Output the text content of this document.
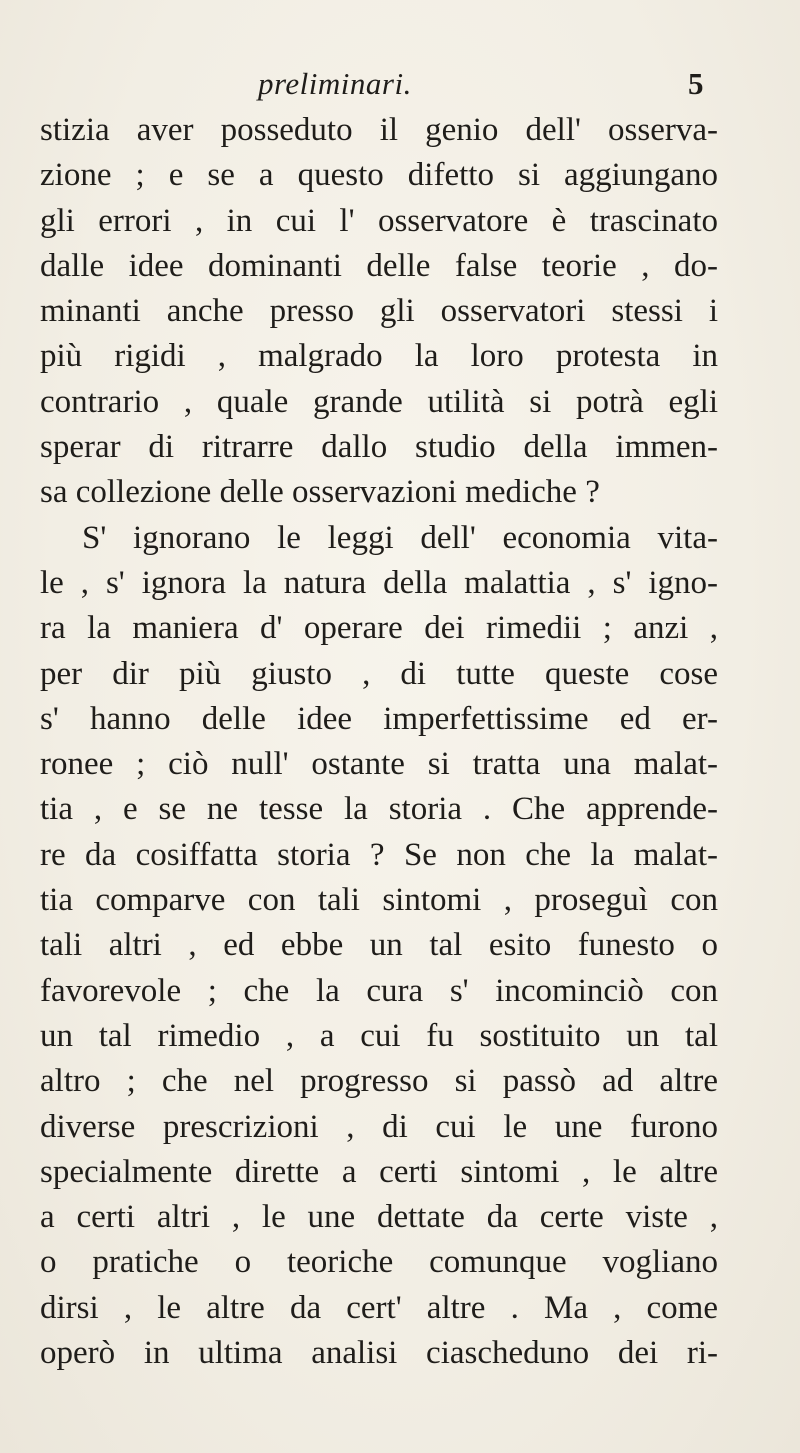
preliminari.	5
stizia aver posseduto il genio dell' osserva-
zione ; e se a questo difetto si aggiungano
gli errori , in cui l' osservatore è trascinato
dalle idee dominanti delle false teorie , do-
minanti anche presso gli osservatori stessi i
più rigidi , malgrado la loro protesta in
contrario , quale grande utilità si potrà egli
sperar di ritrarre dallo studio della immen-
sa collezione delle osservazioni mediche ?
S' ignorano le leggi dell' economia vita-
le , s' ignora la natura della malattia , s' igno-
ra la maniera d' operare dei rimedii ; anzi ,
per dir più giusto , di tutte queste cose
s' hanno delle idee imperfettissime ed er-
ronee ; ciò null' ostante si tratta una malat-
tia , e se ne tesse la storia . Che apprende-
re da cosiffatta storia ? Se non che la malat-
tia comparve con tali sintomi , proseguì con
tali altri , ed ebbe un tal esito funesto o
favorevole ; che la cura s' incominciò con
un tal rimedio , a cui fu sostituito un tal
altro ; che nel progresso si passò ad altre
diverse prescrizioni , di cui le une furono
specialmente dirette a certi sintomi , le altre
a certi altri , le une dettate da certe viste ,
o pratiche o teoriche comunque vogliano
dirsi , le altre da cert' altre . Ma , come
operò in ultima analisi ciascheduno dei ri-
